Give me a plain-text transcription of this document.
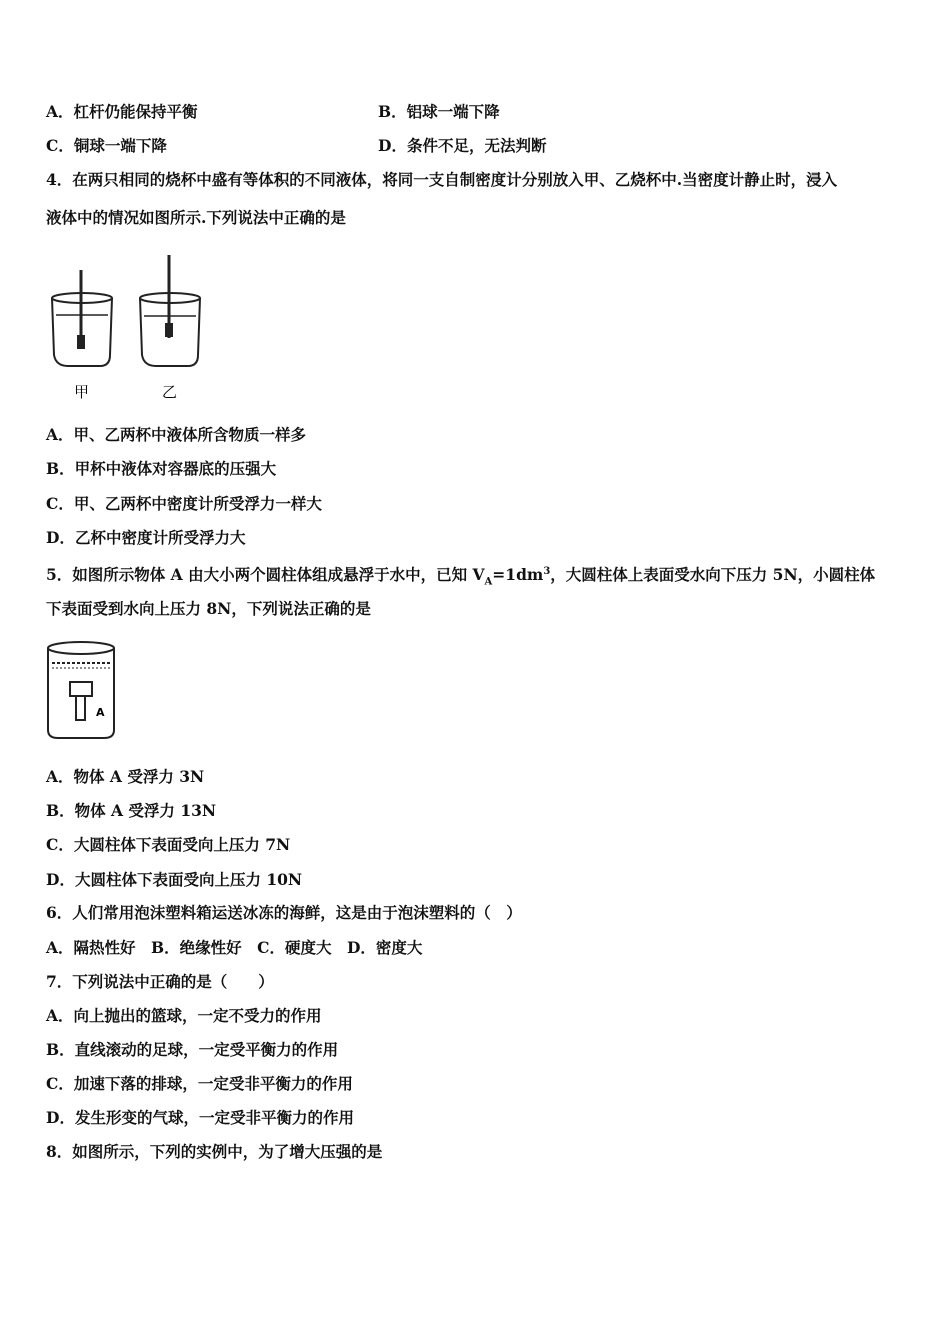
A．杠杆仍能保持平衡	B．铝球一端下降
C．铜球一端下降	D．条件不足，无法判断
4．在两只相同的烧杯中盛有等体积的不同液体，将同一支自制密度计分别放入甲、乙烧杯中.当密度计静止时，浸入
液体中的情况如图所示.下列说法中正确的是
甲	乙
A．甲、乙两杯中液体所含物质一样多
B．甲杯中液体对容器底的压强大
C．甲、乙两杯中密度计所受浮力一样大
D．乙杯中密度计所受浮力大
5．如图所示物体 A 由大小两个圆柱体组成悬浮于水中，已知 $V_A=1dm^3$，大圆柱体上表面受水向下压力 5N，小圆柱体
下表面受到水向上压力 8N，下列说法正确的是
A
A．物体 A 受浮力 3N
B．物体 A 受浮力 13N
C．大圆柱体下表面受向上压力 7N
D．大圆柱体下表面受向上压力 10N
6．人们常用泡沫塑料箱运送冰冻的海鲜，这是由于泡沫塑料的（　）
A．隔热性好　B．绝缘性好　C．硬度大　D．密度大
7．下列说法中正确的是（　　）
A．向上抛出的篮球，一定不受力的作用
B．直线滚动的足球，一定受平衡力的作用
C．加速下落的排球，一定受非平衡力的作用
D．发生形变的气球，一定受非平衡力的作用
8．如图所示，下列的实例中，为了增大压强的是
